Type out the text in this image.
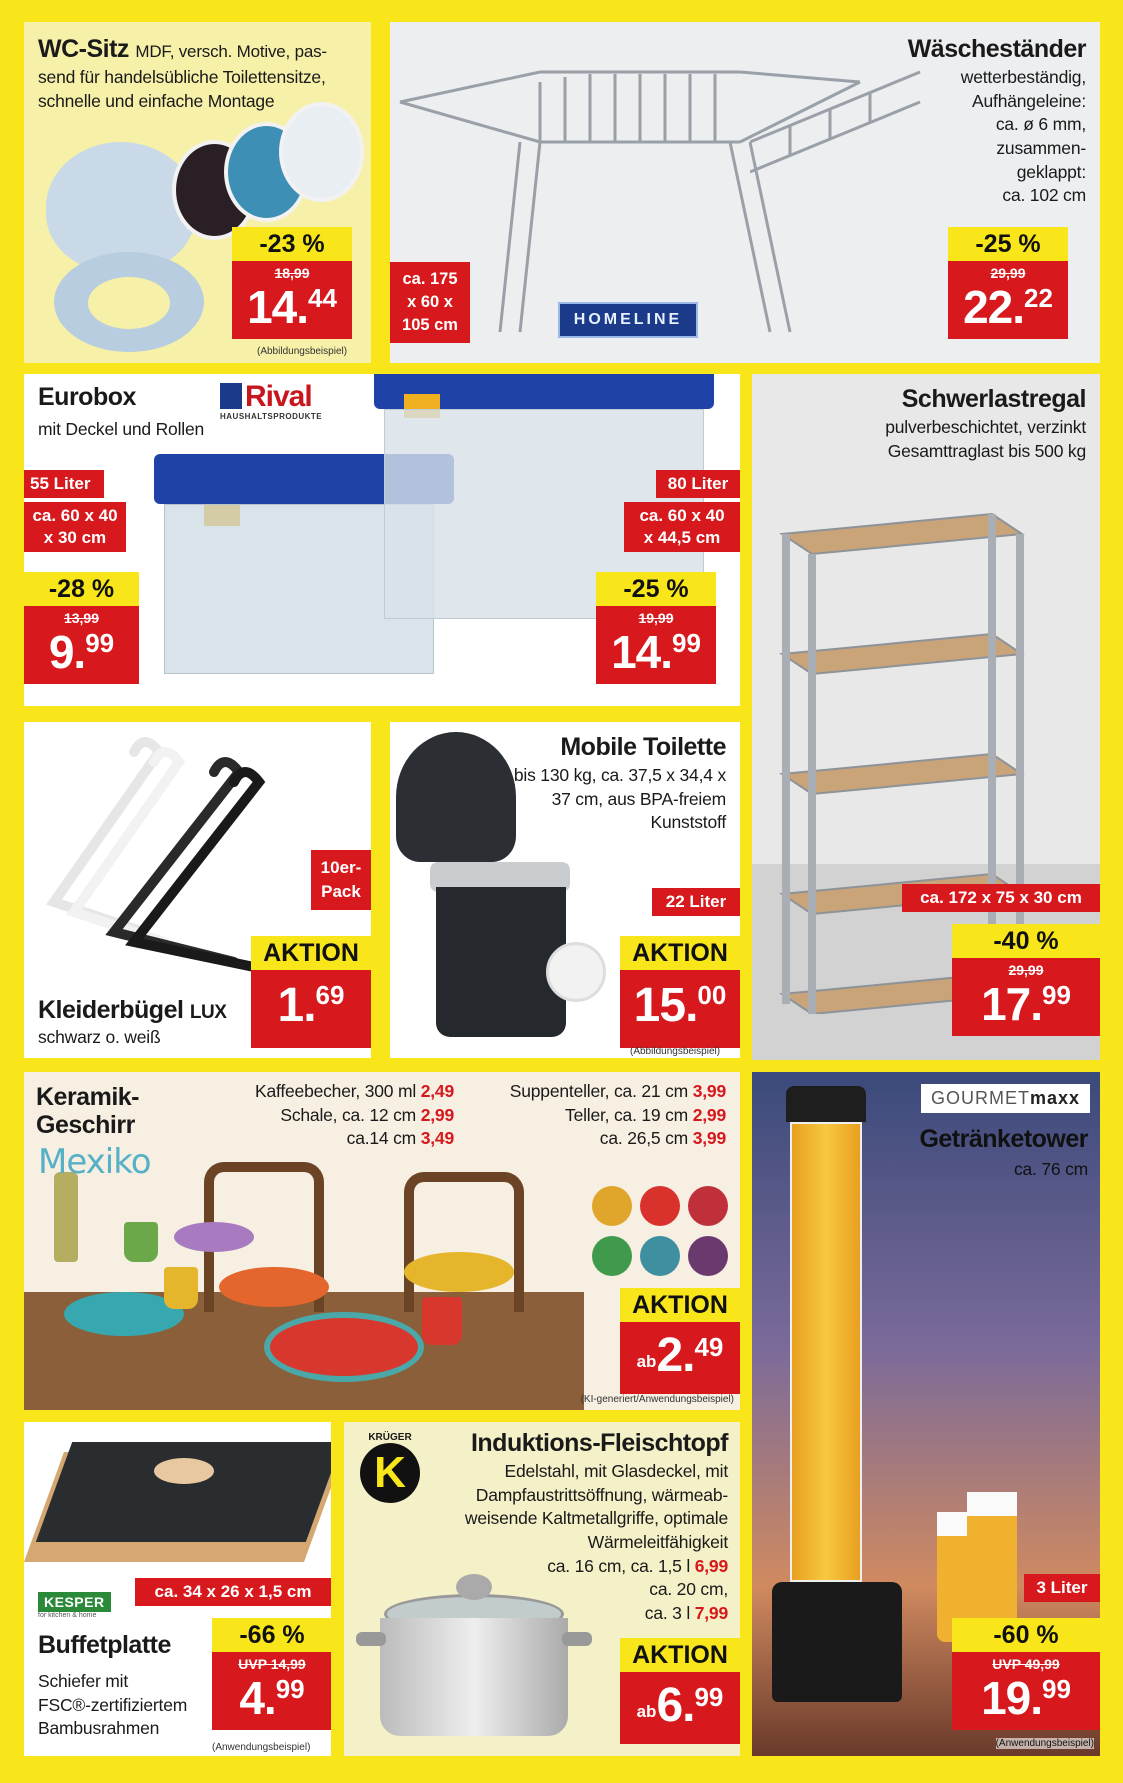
WC-Sitz MDF, versch. Motive, pas-
send für handelsübliche Toilettensitze, schnelle und einfache Montage
-23 %
18,99
14.44
(Abbildungsbeispiel)
Wäscheständer
wetterbeständig,
Aufhängeleine:
ca. ø 6 mm,
zusammen-
geklappt:
ca. 102 cm
ca. 175
x 60 x
105 cm	HOMELINE
-25 %
29,99
22.22
Eurobox
mit Deckel und Rollen
Rival
HAUSHALTSPRODUKTE
55 Liter
ca. 60 x 40
x 30 cm
-28 %
13,99
9.99
80 Liter
ca. 60 x 40
x 44,5 cm
-25 %
19,99
14.99
Schwerlastregal
pulverbeschichtet, verzinkt
Gesamttraglast bis 500 kg
ca. 172 x 75 x 30 cm
-40 %
29,99
17.99
10er-
Pack
AKTION
1.69
Kleiderbügel LUX
schwarz o. weiß
Mobile Toilette
bis 130 kg, ca. 37,5 x 34,4 x
37 cm, aus BPA-freiem
Kunststoff
22 Liter
AKTION
15.00
(Abbildungsbeispiel)
Keramik-
Geschirr
Mexiko
Kaffeebecher, 300 ml 2,49
Schale, ca. 12 cm 2,99
ca.14 cm 3,49
Suppenteller, ca. 21 cm 3,99
Teller, ca. 19 cm 2,99
ca. 26,5 cm 3,99
AKTION
ab2.49
(KI-generiert/Anwendungsbeispiel)
GOURMETmaxx
Getränketower
ca. 76 cm
3 Liter
-60 %
UVP 49,99
19.99
(Anwendungsbeispiel)
ca. 34 x 26 x 1,5 cm
KESPER
for kitchen & home
-66 %
UVP 14,99
4.99
Buffetplatte
Schiefer mit
FSC®-zertifiziertem
Bambusrahmen
(Anwendungsbeispiel)
KRÜGER
K
Induktions-Fleischtopf
Edelstahl, mit Glasdeckel, mit
Dampfaustrittsöffnung, wärmeab-
weisende Kaltmetallgriffe, optimale
Wärmeleitfähigkeit
ca. 16 cm, ca. 1,5 l 6,99
ca. 20 cm,
ca. 3 l 7,99
AKTION
ab6.99
